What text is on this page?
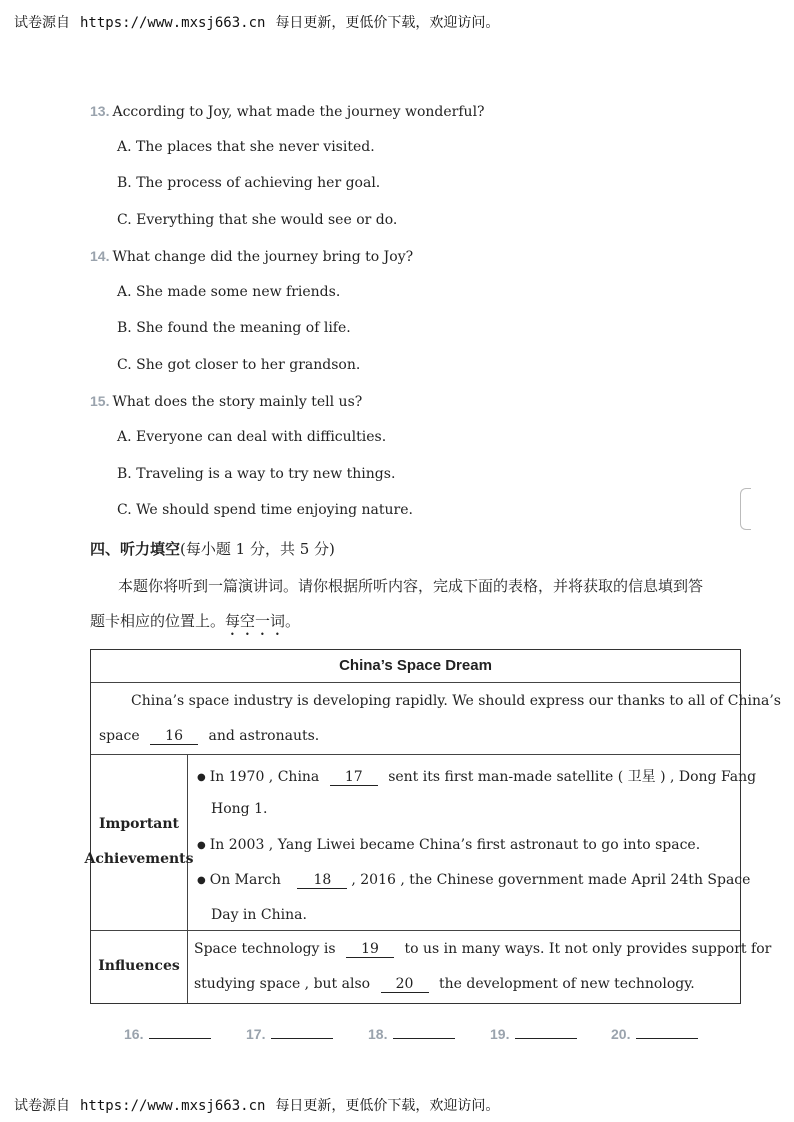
试卷源自 https://www.mxsj663.cn 每日更新，更低价下载，欢迎访问。
13. According to Joy, what made the journey wonderful?
A. The places that she never visited.
B. The process of achieving her goal.
C. Everything that she would see or do.
14. What change did the journey bring to Joy?
A. She made some new friends.
B. She found the meaning of life.
C. She got closer to her grandson.
15. What does the story mainly tell us?
A. Everyone can deal with difficulties.
B. Traveling is a way to try new things.
C. We should spend time enjoying nature.
四、听力填空(每小题 1 分，共 5 分)
本题你将听到一篇演讲词。请你根据所听内容，完成下面的表格，并将获取的信息填到答
题卡相应的位置上。每空一词。
China’s Space Dream
China’s space industry is developing rapidly. We should express our thanks to all of China’s
space 16 and astronauts.
Important
Achievements
● In 1970 , China 17 sent its first man-made satellite ( 卫星 ) , Dong Fang
Hong 1.
● In 2003 , Yang Liwei became China’s first astronaut to go into space.
● On March 18 , 2016 , the Chinese government made April 24th Space
Day in China.
Influences
Space technology is 19 to us in many ways. It not only provides support for
studying space , but also 20 the development of new technology.
16.	17.	18.	19.	20.
试卷源自 https://www.mxsj663.cn 每日更新，更低价下载，欢迎访问。
